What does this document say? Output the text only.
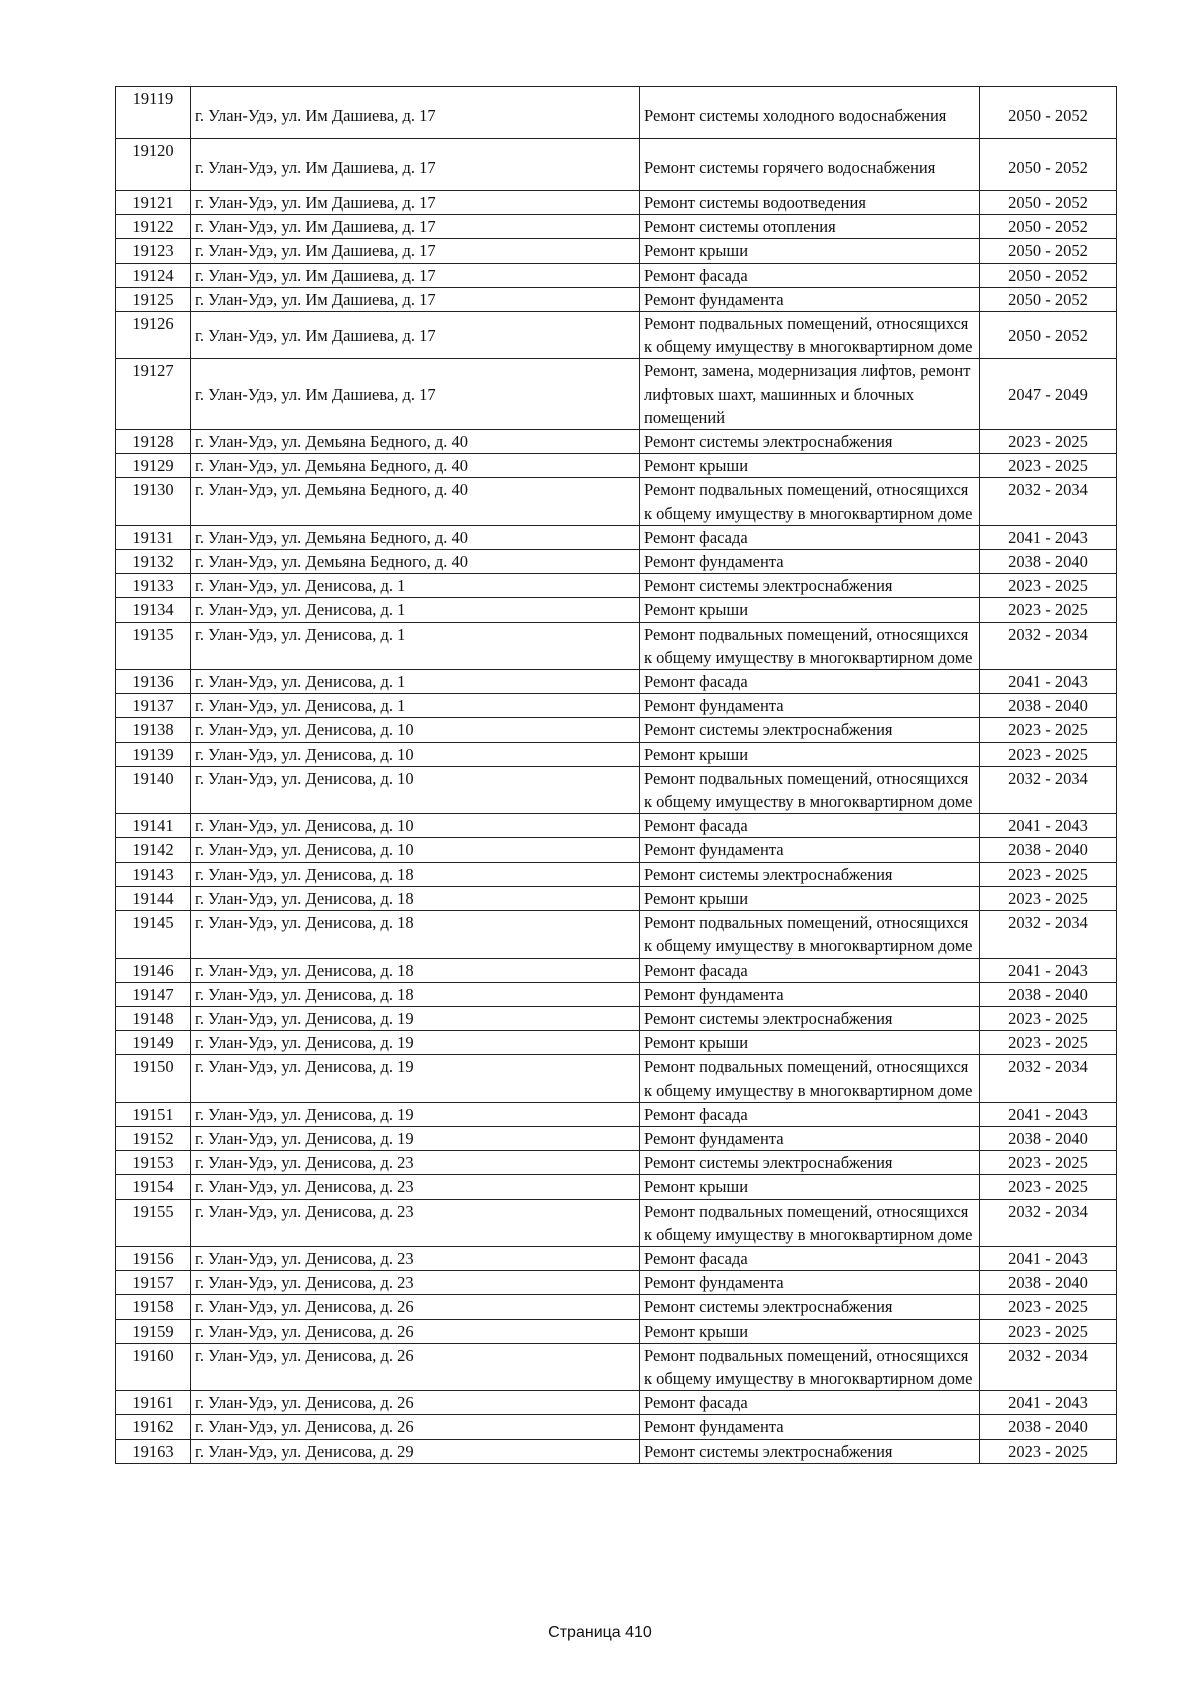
19119	г. Улан-Удэ, ул. Им Дашиева, д. 17	Ремонт системы холодного водоснабжения	2050 - 2052
19120	г. Улан-Удэ, ул. Им Дашиева, д. 17	Ремонт системы горячего водоснабжения	2050 - 2052
19121	г. Улан-Удэ, ул. Им Дашиева, д. 17	Ремонт системы водоотведения	2050 - 2052
19122	г. Улан-Удэ, ул. Им Дашиева, д. 17	Ремонт системы отопления	2050 - 2052
19123	г. Улан-Удэ, ул. Им Дашиева, д. 17	Ремонт крыши	2050 - 2052
19124	г. Улан-Удэ, ул. Им Дашиева, д. 17	Ремонт фасада	2050 - 2052
19125	г. Улан-Удэ, ул. Им Дашиева, д. 17	Ремонт фундамента	2050 - 2052
19126	г. Улан-Удэ, ул. Им Дашиева, д. 17	Ремонт подвальных помещений, относящихся к общему имуществу в многоквартирном доме	2050 - 2052
19127	г. Улан-Удэ, ул. Им Дашиева, д. 17	Ремонт, замена, модернизация лифтов, ремонт лифтовых шахт, машинных и блочных помещений	2047 - 2049
19128	г. Улан-Удэ, ул. Демьяна Бедного, д. 40	Ремонт системы электроснабжения	2023 - 2025
19129	г. Улан-Удэ, ул. Демьяна Бедного, д. 40	Ремонт крыши	2023 - 2025
19130	г. Улан-Удэ, ул. Демьяна Бедного, д. 40	Ремонт подвальных помещений, относящихся к общему имуществу в многоквартирном доме	2032 - 2034
19131	г. Улан-Удэ, ул. Демьяна Бедного, д. 40	Ремонт фасада	2041 - 2043
19132	г. Улан-Удэ, ул. Демьяна Бедного, д. 40	Ремонт фундамента	2038 - 2040
19133	г. Улан-Удэ, ул. Денисова, д. 1	Ремонт системы электроснабжения	2023 - 2025
19134	г. Улан-Удэ, ул. Денисова, д. 1	Ремонт крыши	2023 - 2025
19135	г. Улан-Удэ, ул. Денисова, д. 1	Ремонт подвальных помещений, относящихся к общему имуществу в многоквартирном доме	2032 - 2034
19136	г. Улан-Удэ, ул. Денисова, д. 1	Ремонт фасада	2041 - 2043
19137	г. Улан-Удэ, ул. Денисова, д. 1	Ремонт фундамента	2038 - 2040
19138	г. Улан-Удэ, ул. Денисова, д. 10	Ремонт системы электроснабжения	2023 - 2025
19139	г. Улан-Удэ, ул. Денисова, д. 10	Ремонт крыши	2023 - 2025
19140	г. Улан-Удэ, ул. Денисова, д. 10	Ремонт подвальных помещений, относящихся к общему имуществу в многоквартирном доме	2032 - 2034
19141	г. Улан-Удэ, ул. Денисова, д. 10	Ремонт фасада	2041 - 2043
19142	г. Улан-Удэ, ул. Денисова, д. 10	Ремонт фундамента	2038 - 2040
19143	г. Улан-Удэ, ул. Денисова, д. 18	Ремонт системы электроснабжения	2023 - 2025
19144	г. Улан-Удэ, ул. Денисова, д. 18	Ремонт крыши	2023 - 2025
19145	г. Улан-Удэ, ул. Денисова, д. 18	Ремонт подвальных помещений, относящихся к общему имуществу в многоквартирном доме	2032 - 2034
19146	г. Улан-Удэ, ул. Денисова, д. 18	Ремонт фасада	2041 - 2043
19147	г. Улан-Удэ, ул. Денисова, д. 18	Ремонт фундамента	2038 - 2040
19148	г. Улан-Удэ, ул. Денисова, д. 19	Ремонт системы электроснабжения	2023 - 2025
19149	г. Улан-Удэ, ул. Денисова, д. 19	Ремонт крыши	2023 - 2025
19150	г. Улан-Удэ, ул. Денисова, д. 19	Ремонт подвальных помещений, относящихся к общему имуществу в многоквартирном доме	2032 - 2034
19151	г. Улан-Удэ, ул. Денисова, д. 19	Ремонт фасада	2041 - 2043
19152	г. Улан-Удэ, ул. Денисова, д. 19	Ремонт фундамента	2038 - 2040
19153	г. Улан-Удэ, ул. Денисова, д. 23	Ремонт системы электроснабжения	2023 - 2025
19154	г. Улан-Удэ, ул. Денисова, д. 23	Ремонт крыши	2023 - 2025
19155	г. Улан-Удэ, ул. Денисова, д. 23	Ремонт подвальных помещений, относящихся к общему имуществу в многоквартирном доме	2032 - 2034
19156	г. Улан-Удэ, ул. Денисова, д. 23	Ремонт фасада	2041 - 2043
19157	г. Улан-Удэ, ул. Денисова, д. 23	Ремонт фундамента	2038 - 2040
19158	г. Улан-Удэ, ул. Денисова, д. 26	Ремонт системы электроснабжения	2023 - 2025
19159	г. Улан-Удэ, ул. Денисова, д. 26	Ремонт крыши	2023 - 2025
19160	г. Улан-Удэ, ул. Денисова, д. 26	Ремонт подвальных помещений, относящихся к общему имуществу в многоквартирном доме	2032 - 2034
19161	г. Улан-Удэ, ул. Денисова, д. 26	Ремонт фасада	2041 - 2043
19162	г. Улан-Удэ, ул. Денисова, д. 26	Ремонт фундамента	2038 - 2040
19163	г. Улан-Удэ, ул. Денисова, д. 29	Ремонт системы электроснабжения	2023 - 2025
Страница 410
